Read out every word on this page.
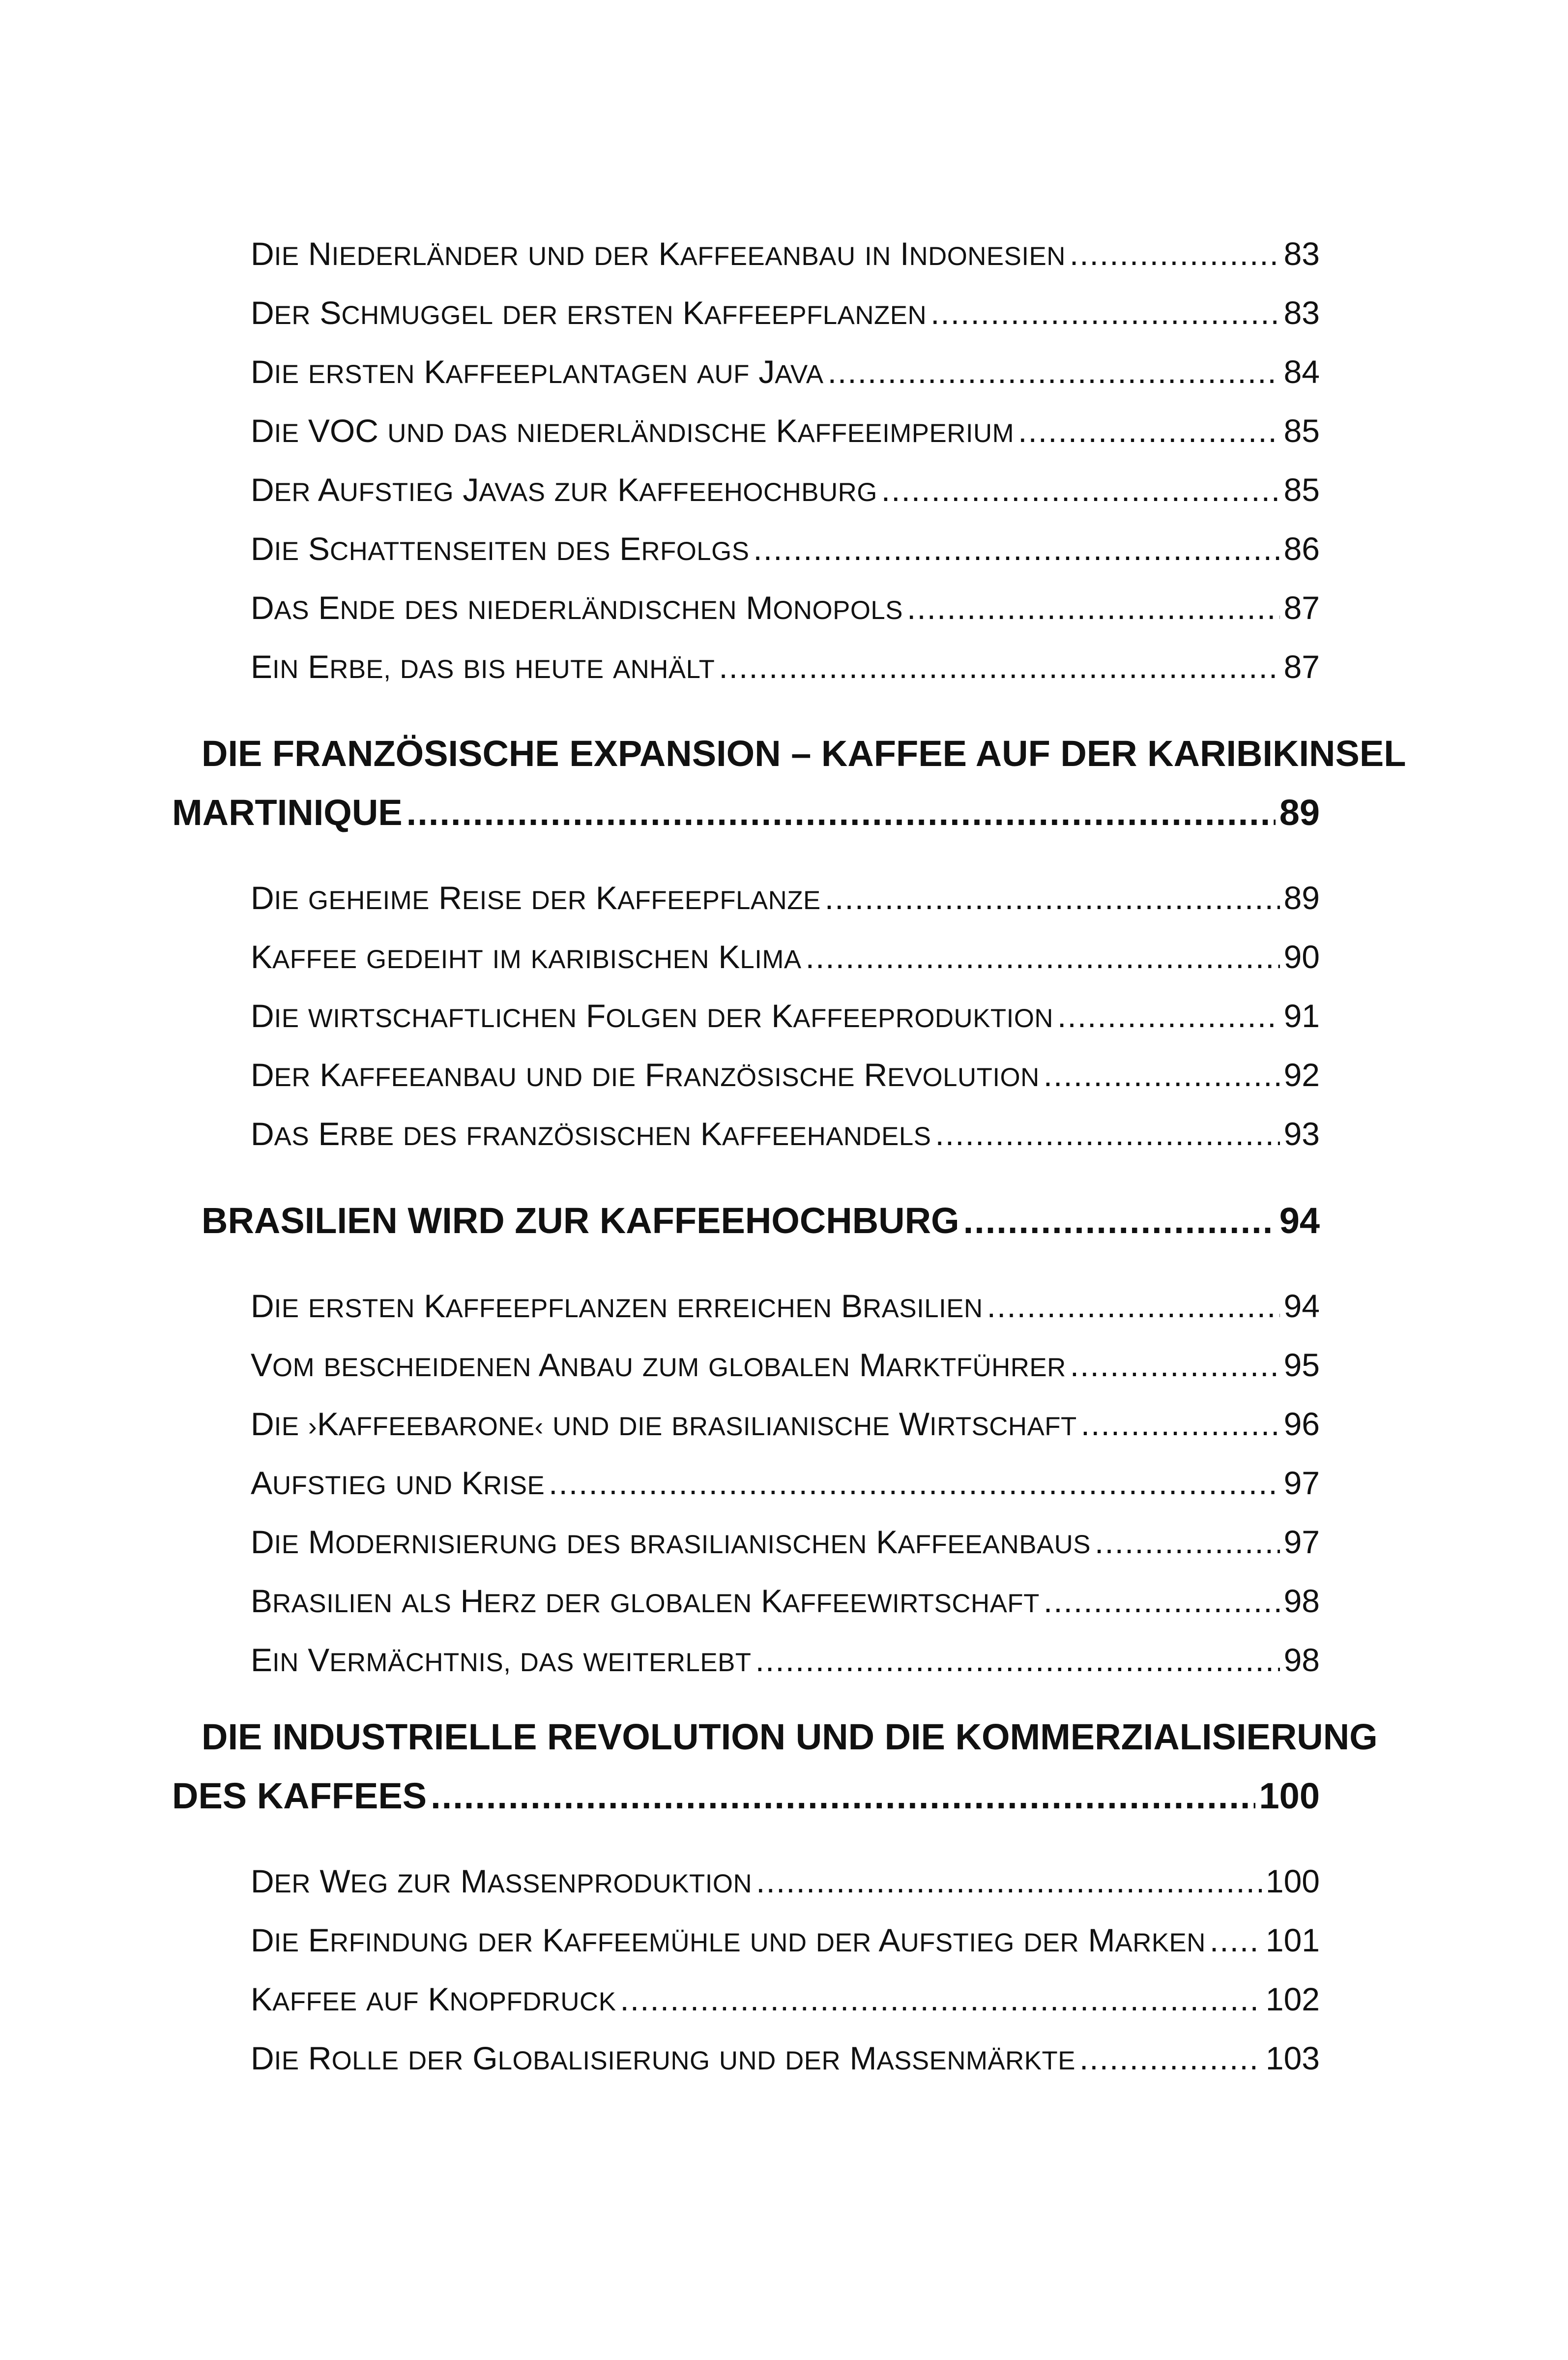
DIE NIEDERLÄNDER UND DER KAFFEEANBAU IN INDONESIEN .....	83
DER SCHMUGGEL DER ERSTEN KAFFEEPFLANZEN .....	83
DIE ERSTEN KAFFEEPLANTAGEN AUF JAVA .....	84
DIE VOC UND DAS NIEDERLÄNDISCHE KAFFEEIMPERIUM .....	85
DER AUFSTIEG JAVAS ZUR KAFFEEHOCHBURG .....	85
DIE SCHATTENSEITEN DES ERFOLGS .....	86
DAS ENDE DES NIEDERLÄNDISCHEN MONOPOLS .....	87
EIN ERBE, DAS BIS HEUTE ANHÄLT .....	87
DIE FRANZÖSISCHE EXPANSION – KAFFEE AUF DER KARIBIKINSEL
MARTINIQUE .....	89
DIE GEHEIME REISE DER KAFFEEPFLANZE .....	89
KAFFEE GEDEIHT IM KARIBISCHEN KLIMA .....	90
DIE WIRTSCHAFTLICHEN FOLGEN DER KAFFEEPRODUKTION .....	91
DER KAFFEEANBAU UND DIE FRANZÖSISCHE REVOLUTION .....	92
DAS ERBE DES FRANZÖSISCHEN KAFFEEHANDELS .....	93
BRASILIEN WIRD ZUR KAFFEEHOCHBURG .....	94
DIE ERSTEN KAFFEEPFLANZEN ERREICHEN BRASILIEN .....	94
VOM BESCHEIDENEN ANBAU ZUM GLOBALEN MARKTFÜHRER .....	95
DIE ›KAFFEEBARONE‹ UND DIE BRASILIANISCHE WIRTSCHAFT .....	96
AUFSTIEG UND KRISE .....	97
DIE MODERNISIERUNG DES BRASILIANISCHEN KAFFEEANBAUS .....	97
BRASILIEN ALS HERZ DER GLOBALEN KAFFEEWIRTSCHAFT .....	98
EIN VERMÄCHTNIS, DAS WEITERLEBT .....	98
DIE INDUSTRIELLE REVOLUTION UND DIE KOMMERZIALISIERUNG
DES KAFFEES .....	100
DER WEG ZUR MASSENPRODUKTION .....	100
DIE ERFINDUNG DER KAFFEEMÜHLE UND DER AUFSTIEG DER MARKEN ..... 101
KAFFEE AUF KNOPFDRUCK .....	102
DIE ROLLE DER GLOBALISIERUNG UND DER MASSENMÄRKTE .....	103
